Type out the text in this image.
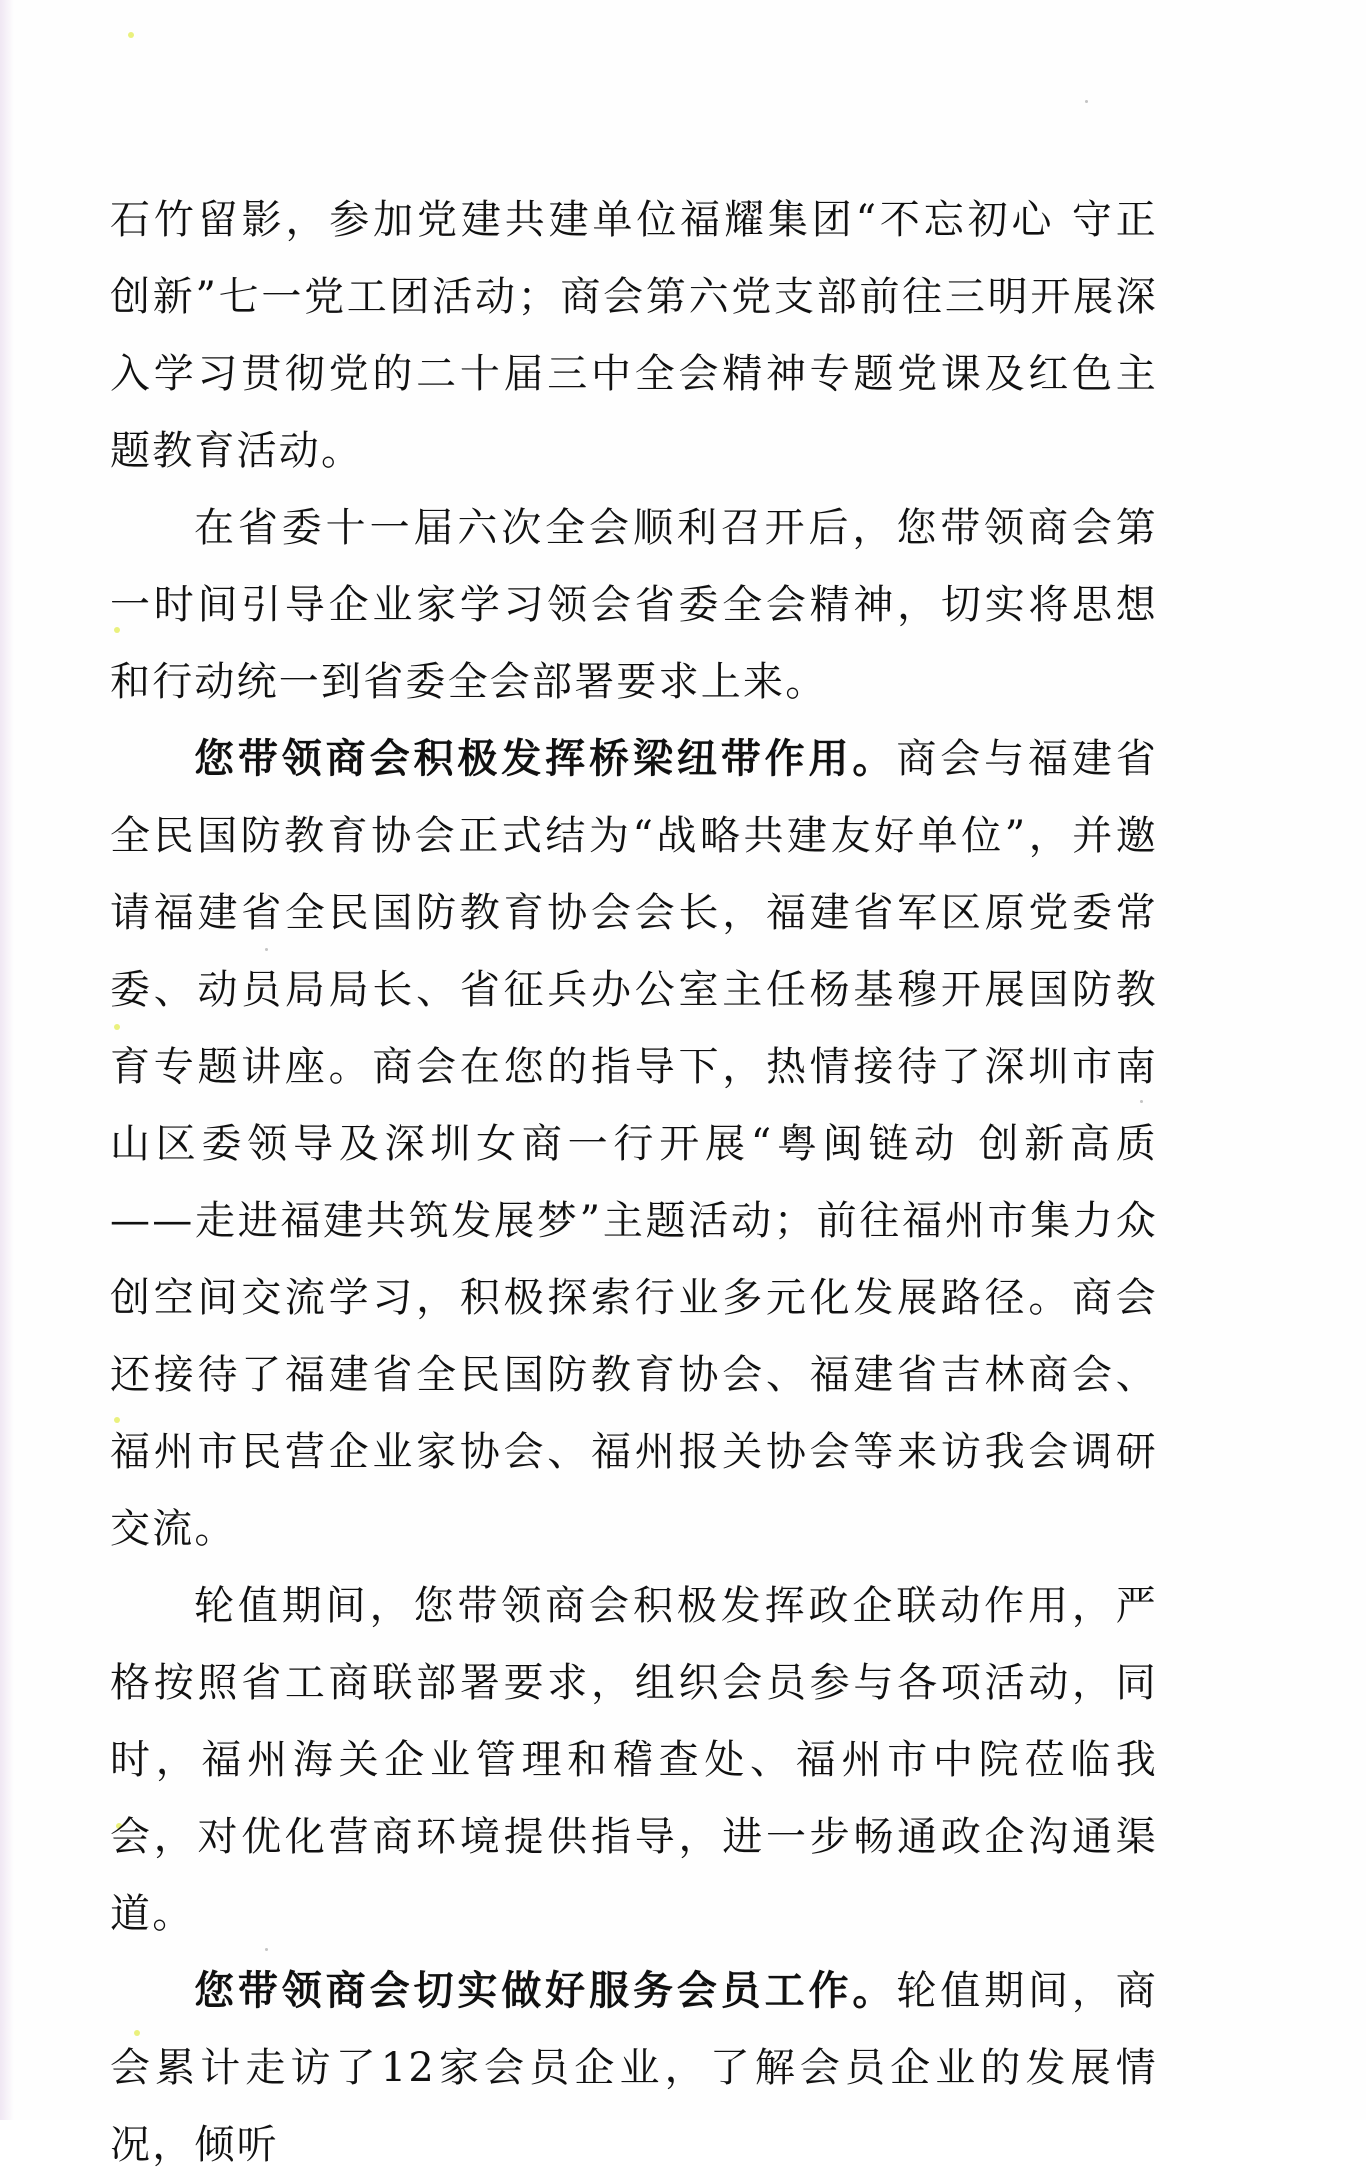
石竹留影，参加党建共建单位福耀集团“不忘初心 守正创新”七一党工团活动；商会第六党支部前往三明开展深入学习贯彻党的二十届三中全会精神专题党课及红色主题教育活动。

在省委十一届六次全会顺利召开后，您带领商会第一时间引导企业家学习领会省委全会精神，切实将思想和行动统一到省委全会部署要求上来。

您带领商会积极发挥桥梁纽带作用。商会与福建省全民国防教育协会正式结为“战略共建友好单位”，并邀请福建省全民国防教育协会会长，福建省军区原党委常委、动员局局长、省征兵办公室主任杨基穆开展国防教育专题讲座。商会在您的指导下，热情接待了深圳市南山区委领导及深圳女商一行开展“粤闽链动 创新高质——走进福建共筑发展梦”主题活动；前往福州市集力众创空间交流学习，积极探索行业多元化发展路径。商会还接待了福建省全民国防教育协会、福建省吉林商会、福州市民营企业家协会、福州报关协会等来访我会调研交流。

轮值期间，您带领商会积极发挥政企联动作用，严格按照省工商联部署要求，组织会员参与各项活动，同时，福州海关企业管理和稽查处、福州市中院莅临我会，对优化营商环境提供指导，进一步畅通政企沟通渠道。

您带领商会切实做好服务会员工作。轮值期间，商会累计走访了12家会员企业，了解会员企业的发展情况，倾听
